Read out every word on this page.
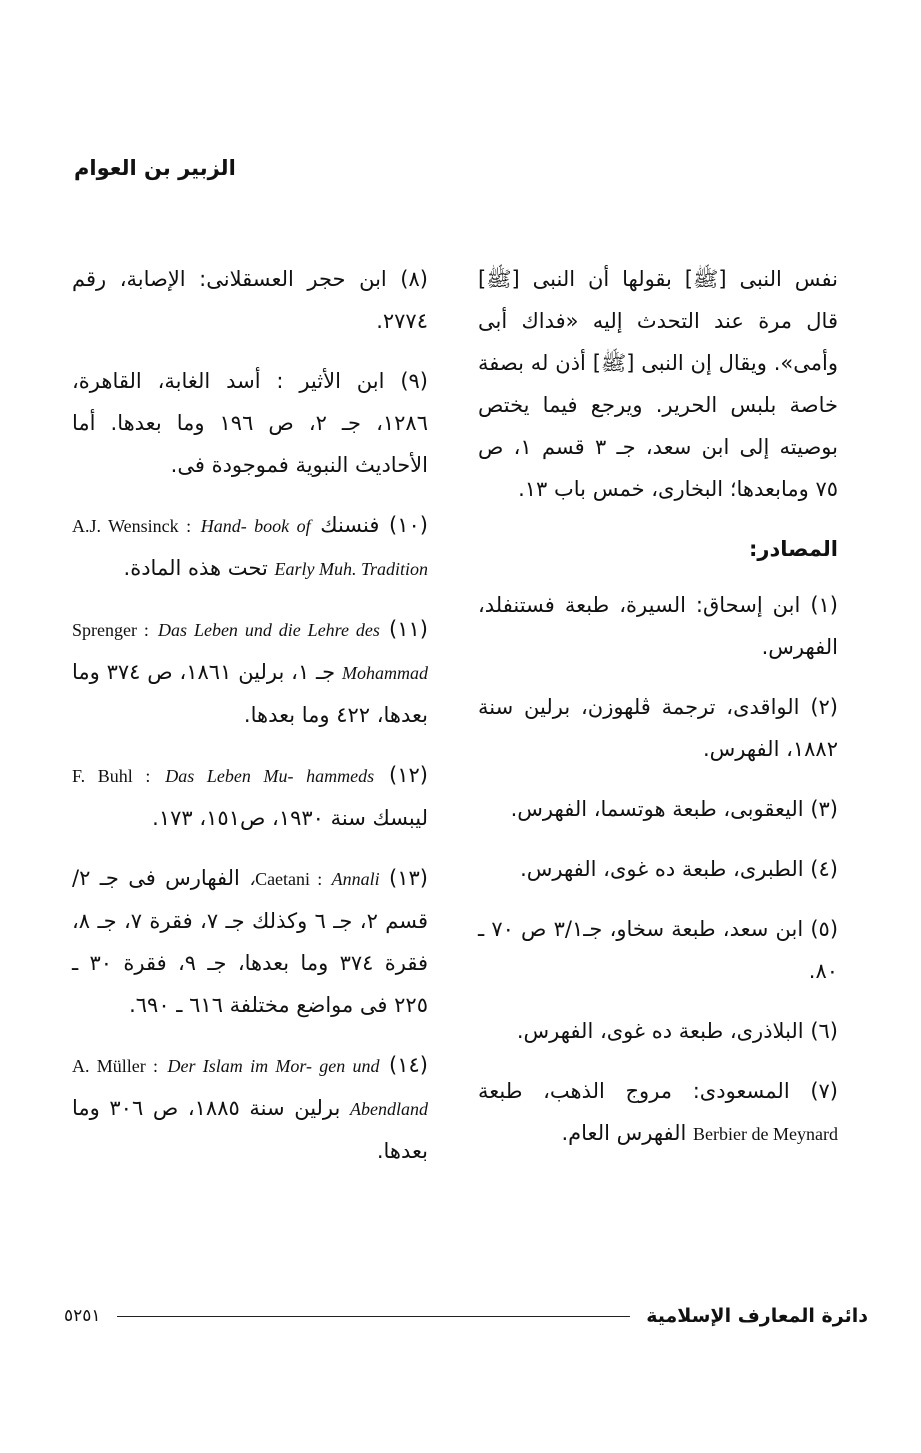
الزبير بن العوام

نفس النبى [ﷺ] بقولها أن النبى [ﷺ] قال مرة عند التحدث إليه «فداك أبى وأمى». ويقال إن النبى [ﷺ] أذن له بصفة خاصة بلبس الحرير. ويرجع فيما يختص بوصيته إلى ابن سعد، جـ ٣ قسم ١، ص ٧٥ ومابعدها؛ البخارى، خمس باب ١٣.

المصادر:

(١) ابن إسحاق: السيرة، طبعة فستنفلد، الفهرس.

(٢) الواقدى، ترجمة ڤلهوزن، برلين سنة ١٨٨٢، الفهرس.

(٣) اليعقوبى، طبعة هوتسما، الفهرس.

(٤) الطبرى، طبعة ده غوى، الفهرس.

(٥) ابن سعد، طبعة سخاو، جـ٣/١ ص ٧٠ ـ ٨٠.

(٦) البلاذرى، طبعة ده غوى، الفهرس.

(٧) المسعودى: مروج الذهب، طبعة Berbier de Meynard الفهرس العام.

(٨) ابن حجر العسقلانى: الإصابة، رقم ٢٧٧٤.

(٩) ابن الأثير : أسد الغابة، القاهرة، ١٢٨٦، جـ ٢، ص ١٩٦ وما بعدها. أما الأحاديث النبوية فموجودة فى.

(١٠) فنسنك A.J. Wensinck : Hand- book of Early Muh. Tradition تحت هذه المادة.

(١١) Sprenger : Das Leben und die Lehre des Mohammad جـ ١، برلين ١٨٦١، ص ٣٧٤ وما بعدها، ٤٢٢ وما بعدها.

(١٢) F. Buhl : Das Leben Mu- hammeds ليبسك سنة ١٩٣٠، ص١٥١، ١٧٣.

(١٣) Caetani : Annali، الفهارس فى جـ ٢/ قسم ٢، جـ ٦ وكذلك جـ ٧، فقرة ٧، جـ ٨، فقرة ٣٧٤ وما بعدها، جـ ٩، فقرة ٣٠ ـ ٢٢٥ فى مواضع مختلفة ٦١٦ ـ ٦٩٠.

(١٤) A. Müller : Der Islam im Mor- gen und Abendland برلين سنة ١٨٨٥، ص ٣٠٦ وما بعدها.

دائرة المعارف الإسلامية
٥٢٥١
